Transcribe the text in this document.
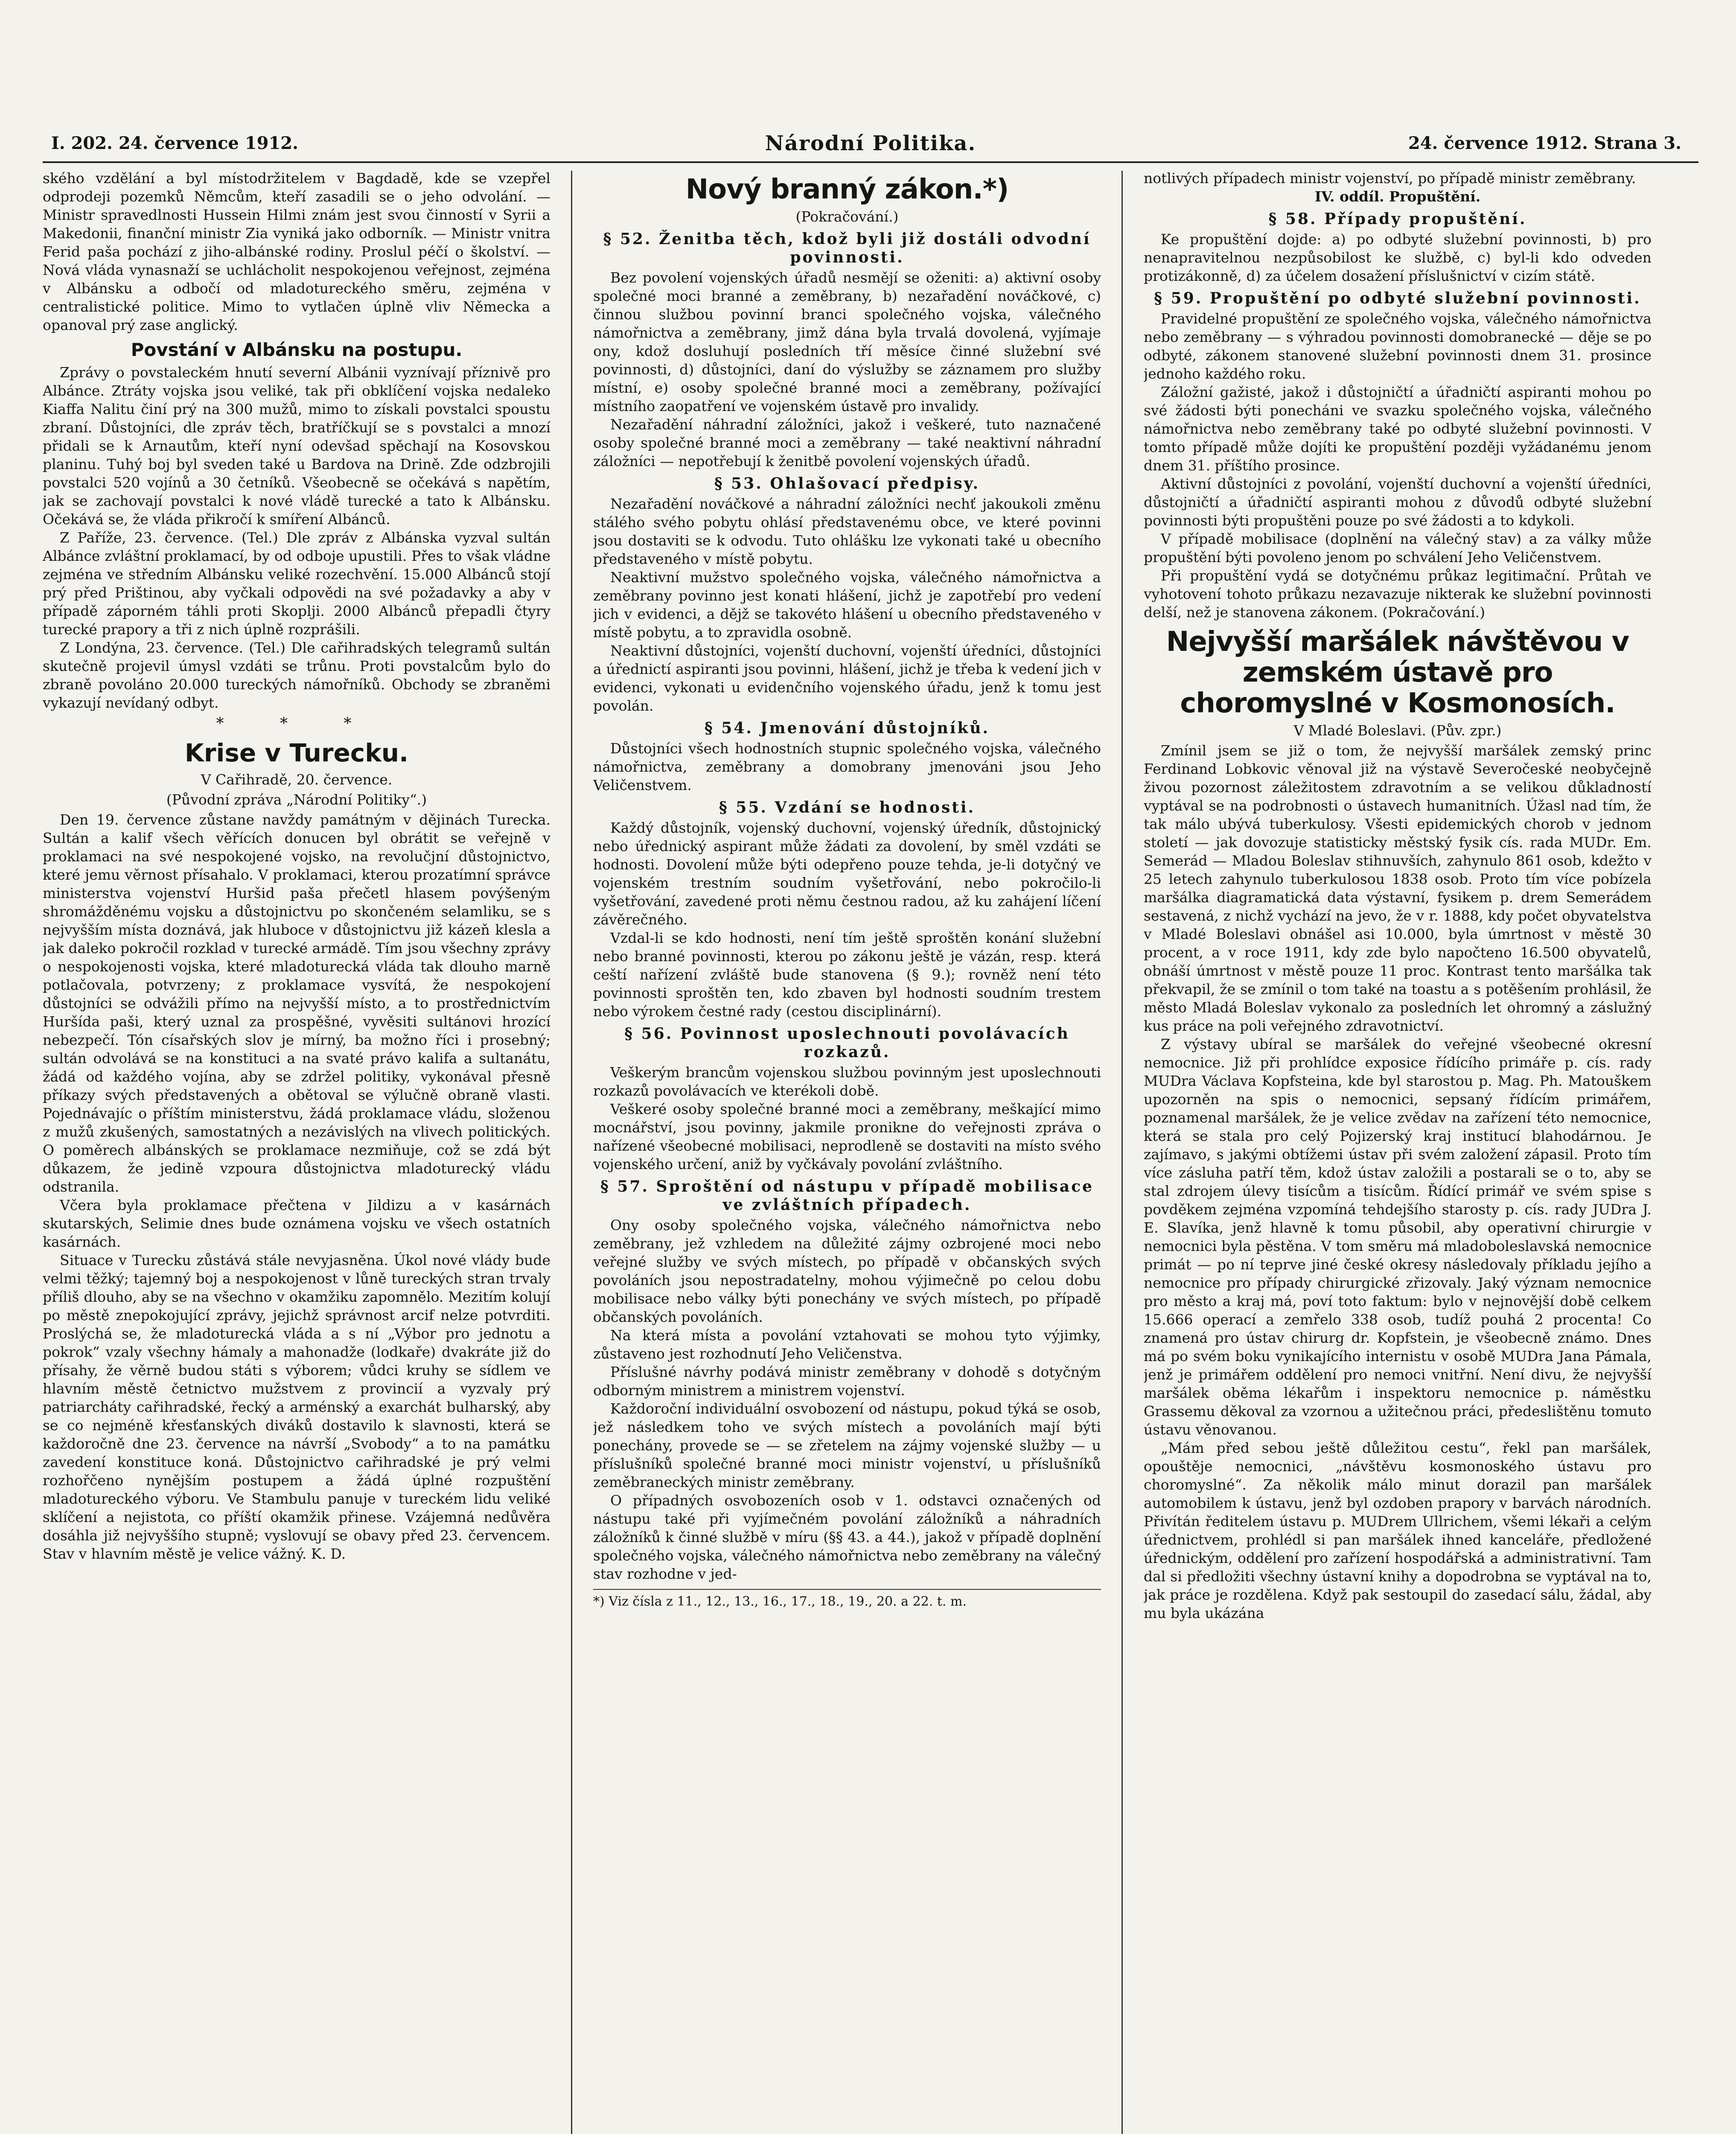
I. 202. 24. července 1912.	Národní Politika.	24. července 1912. Strana 3.

ského vzdělání a byl místodržitelem v Bagdadě, kde se vzepřel odprodeji pozemků Němcům, kteří zasadili se o jeho odvolání. — Ministr spravedlnosti Hussein Hilmi znám jest svou činností v Syrii a Makedonii, finanční ministr Zia vyniká jako odborník. — Ministr vnitra Ferid paša pochází z jiho-albánské rodiny. Proslul péčí o školství. — Nová vláda vynasnaží se uchlácholit nespokojenou veřejnost, zejména v Albánsku a odbočí od mladotureckého směru, zejména v centralistické politice. Mimo to vytlačen úplně vliv Německa a opanoval prý zase anglický.

Povstání v Albánsku na postupu.

Zprávy o povstaleckém hnutí severní Albánii vyznívají příznivě pro Albánce. Ztráty vojska jsou veliké, tak při obklíčení vojska nedaleko Kiaffa Nalitu činí prý na 300 mužů, mimo to získali povstalci spoustu zbraní. Důstojníci, dle zpráv těch, bratříčkují se s povstalci a mnozí přidali se k Arnautům, kteří nyní odevšad spěchají na Kosovskou planinu. Tuhý boj byl sveden také u Bardova na Drině. Zde odzbrojili povstalci 520 vojínů a 30 četníků. Všeobecně se očekává s napětím, jak se zachovají povstalci k nové vládě turecké a tato k Albánsku. Očekává se, že vláda přikročí k smíření Albánců.

Z Paříže, 23. července. (Tel.) Dle zpráv z Albánska vyzval sultán Albánce zvláštní proklamací, by od odboje upustili. Přes to však vládne zejména ve středním Albánsku veliké rozechvění. 15.000 Albánců stojí prý před Prištinou, aby vyčkali odpovědi na své požadavky a aby v případě záporném táhli proti Skoplji. 2000 Albánců přepadli čtyry turecké prapory a tři z nich úplně rozprášili.

Z Londýna, 23. července. (Tel.) Dle cařihradských telegramů sultán skutečně projevil úmysl vzdáti se trůnu. Proti povstalcům bylo do zbraně povoláno 20.000 tureckých námořníků. Obchody se zbraněmi vykazují nevídaný odbyt.

* * *
Krise v Turecku.
V Cařihradě, 20. července.
(Původní zpráva „Národní Politiky“.)

Den 19. července zůstane navždy památným v dějinách Turecka. Sultán a kalif všech věřících donucen byl obrátit se veřejně v proklamaci na své nespokojené vojsko, na revolučjní důstojnictvo, které jemu věrnost přísahalo. V proklamaci, kterou prozatímní správce ministerstva vojenství Huršid paša přečetl hlasem povýšeným shromážděnému vojsku a důstojnictvu po skončeném selamliku, se s nejvyšším místa doznává, jak hluboce v důstojnictvu již kázeň klesla a jak daleko pokročil rozklad v turecké armádě. Tím jsou všechny zprávy o nespokojenosti vojska, které mladoturecká vláda tak dlouho marně potlačovala, potvrzeny; z proklamace vysvítá, že nespokojení důstojníci se odvážili přímo na nejvyšší místo, a to prostřednictvím Huršída paši, který uznal za prospěšné, vyvěsiti sultánovi hrozící nebezpečí. Tón císařských slov je mírný, ba možno říci i prosebný; sultán odvolává se na konstituci a na svaté právo kalifa a sultanátu, žádá od každého vojína, aby se zdržel politiky, vykonával přesně příkazy svých představených a obětoval se výlučně obraně vlasti. Pojednávajíc o příštím ministerstvu, žádá proklamace vládu, složenou z mužů zkušených, samostatných a nezávislých na vlivech politických. O poměrech albánských se proklamace nezmiňuje, což se zdá být důkazem, že jedině vzpoura důstojnictva mladoturecký vládu odstranila.

Včera byla proklamace přečtena v Jildizu a v kasárnách skutarských, Selimie dnes bude oznámena vojsku ve všech ostatních kasárnách.

Situace v Turecku zůstává stále nevyjasněna. Úkol nové vlády bude velmi těžký; tajemný boj a nespokojenost v lůně tureckých stran trvaly příliš dlouho, aby se na všechno v okamžiku zapomnělo. Mezitím kolují po městě znepokojující zprávy, jejichž správnost arcif nelze potvrditi. Proslýchá se, že mladoturecká vláda a s ní „Výbor pro jednotu a pokrok“ vzaly všechny hámaly a mahonadže (lodkaře) dvakráte již do přísahy, že věrně budou státi s výborem; vůdci kruhy se sídlem ve hlavním městě četnictvo mužstvem z provincií a vyzvaly prý patriarcháty cařihradské, řecký a arménský a exarchát bulharský, aby se co nejméně křesťanských diváků dostavilo k slavnosti, která se každoročně dne 23. července na návrší „Svobody“ a to na památku zavedení konstituce koná. Důstojnictvo cařihradské je prý velmi rozhořčeno nynějším postupem a žádá úplné rozpuštění mladotureckého výboru. Ve Stambulu panuje v tureckém lidu veliké sklíčení a nejistota, co příští okamžik přinese. Vzájemná nedůvěra dosáhla již nejvyššího stupně; vyslovují se obavy před 23. červencem. Stav v hlavním městě je velice vážný. K. D.

Nový branný zákon.*)
(Pokračování.)
§ 52. Ženitba těch, kdož byli již dostáli odvodní povinnosti.

Bez povolení vojenských úřadů nesmějí se oženiti: a) aktivní osoby společné moci branné a zeměbrany, b) nezařadění nováčkové, c) činnou službou povinní branci společného vojska, válečného námořnictva a zeměbrany, jimž dána byla trvalá dovolená, vyjímaje ony, kdož dosluhují posledních tří měsíce činné služební své povinnosti, d) důstojníci, daní do výslužby se záznamem pro služby místní, e) osoby společné branné moci a zeměbrany, požívající místního zaopatření ve vojenském ústavě pro invalidy.

Nezařadění náhradní záložníci, jakož i veškeré, tuto naznačené osoby společné branné moci a zeměbrany — také neaktivní náhradní záložníci — nepotřebují k ženitbě povolení vojenských úřadů.

§ 53. Ohlašovací předpisy.

Nezařadění nováčkové a náhradní záložníci nechť jakoukoli změnu stálého svého pobytu ohlásí představenému obce, ve které povinni jsou dostaviti se k odvodu. Tuto ohlášku lze vykonati také u obecního představeného v místě pobytu.

Neaktivní mužstvo společného vojska, válečného námořnictva a zeměbrany povinno jest konati hlášení, jichž je zapotřebí pro vedení jich v evidenci, a dějž se takovéto hlášení u obecního představeného v místě pobytu, a to zpravidla osobně.

Neaktivní důstojníci, vojenští duchovní, vojenští úředníci, důstojníci a úřednictí aspiranti jsou povinni, hlášení, jichž je třeba k vedení jich v evidenci, vykonati u evidenčního vojenského úřadu, jenž k tomu jest povolán.

§ 54. Jmenování důstojníků.

Důstojníci všech hodnostních stupnic společného vojska, válečného námořnictva, zeměbrany a domobrany jmenováni jsou Jeho Veličenstvem.

§ 55. Vzdání se hodnosti.

Každý důstojník, vojenský duchovní, vojenský úředník, důstojnický nebo úřednický aspirant může žádati za dovolení, by směl vzdáti se hodnosti. Dovolení může býti odepřeno pouze tehda, je-li dotyčný ve vojenském trestním soudním vyšetřování, nebo pokročilo-li vyšetřování, zavedené proti němu čestnou radou, až ku zahájení líčení závěrečného.

Vzdal-li se kdo hodnosti, není tím ještě sproštěn konání služební nebo branné povinnosti, kterou po zákonu ještě je vázán, resp. která ceští nařízení zvláště bude stanovena (§ 9.); rovněž není této povinnosti sproštěn ten, kdo zbaven byl hodnosti soudním trestem nebo výrokem čestné rady (cestou disciplinární).

§ 56. Povinnost uposlechnouti povolávacích rozkazů.

Veškerým brancům vojenskou službou povinným jest uposlechnouti rozkazů povolávacích ve kterékoli době.

Veškeré osoby společné branné moci a zeměbrany, meškající mimo mocnářství, jsou povinny, jakmile pronikne do veřejnosti zpráva o nařízené všeobecné mobilisaci, neprodleně se dostaviti na místo svého vojenského určení, aniž by vyčkávaly povolání zvláštního.

§ 57. Sproštění od nástupu v případě mobilisace ve zvláštních případech.

Ony osoby společného vojska, válečného námořnictva nebo zeměbrany, jež vzhledem na důležité zájmy ozbrojené moci nebo veřejné služby ve svých místech, po případě v občanských svých povoláních jsou nepostradatelny, mohou výjimečně po celou dobu mobilisace nebo války býti ponechány ve svých místech, po případě občanských povoláních.

Na která místa a povolání vztahovati se mohou tyto výjimky, zůstaveno jest rozhodnutí Jeho Veličenstva.

Příslušné návrhy podává ministr zeměbrany v dohodě s dotyčným odborným ministrem a ministrem vojenství.

Každoroční individuální osvobození od nástupu, pokud týká se osob, jež následkem toho ve svých místech a povoláních mají býti ponechány, provede se — se zřetelem na zájmy vojenské služby — u příslušníků společné branné moci ministr vojenství, u příslušníků zeměbraneckých ministr zeměbrany.

O případných osvobozeních osob v 1. odstavci označených od nástupu také při vyjímečném povolání záložníků a náhradních záložníků k činné službě v míru (§§ 43. a 44.), jakož v případě doplnění společného vojska, válečného námořnictva nebo zeměbrany na válečný stav rozhodne v jed-

*) Viz čísla z 11., 12., 13., 16., 17., 18., 19., 20. a 22. t. m.

notlivých případech ministr vojenství, po případě ministr zeměbrany.

IV. oddíl. Propuštění.
§ 58. Případy propuštění.

Ke propuštění dojde: a) po odbyté služební povinnosti, b) pro nenapravitelnou nezpůsobilost ke službě, c) byl-li kdo odveden protizákonně, d) za účelem dosažení příslušnictví v cizím státě.

§ 59. Propuštění po odbyté služební povinnosti.

Pravidelné propuštění ze společného vojska, válečného námořnictva nebo zeměbrany — s výhradou povinnosti domobranecké — děje se po odbyté, zákonem stanovené služební povinnosti dnem 31. prosince jednoho každého roku.

Záložní gažisté, jakož i důstojničtí a úřadničtí aspiranti mohou po své žádosti býti ponecháni ve svazku společného vojska, válečného námořnictva nebo zeměbrany také po odbyté služební povinnosti. V tomto případě může dojíti ke propuštění později vyžádanému jenom dnem 31. příštího prosince.

Aktivní důstojníci z povolání, vojenští duchovní a vojenští úředníci, důstojničtí a úřadničtí aspiranti mohou z důvodů odbyté služební povinnosti býti propuštěni pouze po své žádosti a to kdykoli.

V případě mobilisace (doplnění na válečný stav) a za války může propuštění býti povoleno jenom po schválení Jeho Veličenstvem.

Při propuštění vydá se dotyčnému průkaz legitimační. Průtah ve vyhotovení tohoto průkazu nezavazuje nikterak ke služební povinnosti delší, než je stanovena zákonem. (Pokračování.)

Nejvyšší maršálek návštěvou v zemském ústavě pro choromyslné v Kosmonosích.
V Mladé Boleslavi. (Pův. zpr.)

Zmínil jsem se již o tom, že nejvyšší maršálek zemský princ Ferdinand Lobkovic věnoval již na výstavě Severočeské neobyčejně živou pozornost záležitostem zdravotním a se velikou důkladností vyptával se na podrobnosti o ústavech humanitních. Úžasl nad tím, že tak málo ubývá tuberkulosy. Všesti epidemických chorob v jednom století — jak dovozuje statisticky městský fysik cís. rada MUDr. Em. Semerád — Mladou Boleslav stihnuvších, zahynulo 861 osob, kdežto v 25 letech zahynulo tuberkulosou 1838 osob. Proto tím více pobízela maršálka diagramatická data výstavní, fysikem p. drem Semerádem sestavená, z nichž vychází na jevo, že v r. 1888, kdy počet obyvatelstva v Mladé Boleslavi obnášel asi 10.000, byla úmrtnost v městě 30 procent, a v roce 1911, kdy zde bylo napočteno 16.500 obyvatelů, obnáší úmrtnost v městě pouze 11 proc. Kontrast tento maršálka tak překvapil, že se zmínil o tom také na toastu a s potěšením prohlásil, že město Mladá Boleslav vykonalo za posledních let ohromný a záslužný kus práce na poli veřejného zdravotnictví.

Z výstavy ubíral se maršálek do veřejné všeobecné okresní nemocnice. Již při prohlídce exposice řídícího primáře p. cís. rady MUDra Václava Kopfsteina, kde byl starostou p. Mag. Ph. Matouškem upozorněn na spis o nemocnici, sepsaný řídícím primářem, poznamenal maršálek, že je velice zvědav na zařízení této nemocnice, která se stala pro celý Pojizerský kraj institucí blahodárnou. Je zajímavo, s jakými obtížemi ústav při svém založení zápasil. Proto tím více zásluha patří těm, kdož ústav založili a postarali se o to, aby se stal zdrojem úlevy tisícům a tisícům. Řídící primář ve svém spise s povděkem zejména vzpomíná tehdejšího starosty p. cís. rady JUDra J. E. Slavíka, jenž hlavně k tomu působil, aby operativní chirurgie v nemocnici byla pěstěna. V tom směru má mladoboleslavská nemocnice primát — po ní teprve jiné české okresy následovaly příkladu jejího a nemocnice pro případy chirurgické zřizovaly. Jaký význam nemocnice pro město a kraj má, poví toto faktum: bylo v nejnovější době celkem 15.666 operací a zemřelo 338 osob, tudíž pouhá 2 procenta! Co znamená pro ústav chirurg dr. Kopfstein, je všeobecně známo. Dnes má po svém boku vynikajícího internistu v osobě MUDra Jana Pámala, jenž je primářem oddělení pro nemoci vnitřní. Není divu, že nejvyšší maršálek oběma lékařům i inspektoru nemocnice p. náměstku Grassemu děkoval za vzornou a užitečnou práci, předeslištěnu tomuto ústavu věnovanou.

„Mám před sebou ještě důležitou cestu“, řekl pan maršálek, opouštěje nemocnici, „návštěvu kosmonoského ústavu pro choromyslné“. Za několik málo minut dorazil pan maršálek automobilem k ústavu, jenž byl ozdoben prapory v barvách národních. Přivítán ředitelem ústavu p. MUDrem Ullrichem, všemi lékaři a celým úřednictvem, prohlédl si pan maršálek ihned kanceláře, předložené úřednickým, oddělení pro zařízení hospodářská a administrativní. Tam dal si předložiti všechny ústavní knihy a dopodrobna se vyptával na to, jak práce je rozdělena. Když pak sestoupil do zasedací sálu, žádal, aby mu byla ukázána
